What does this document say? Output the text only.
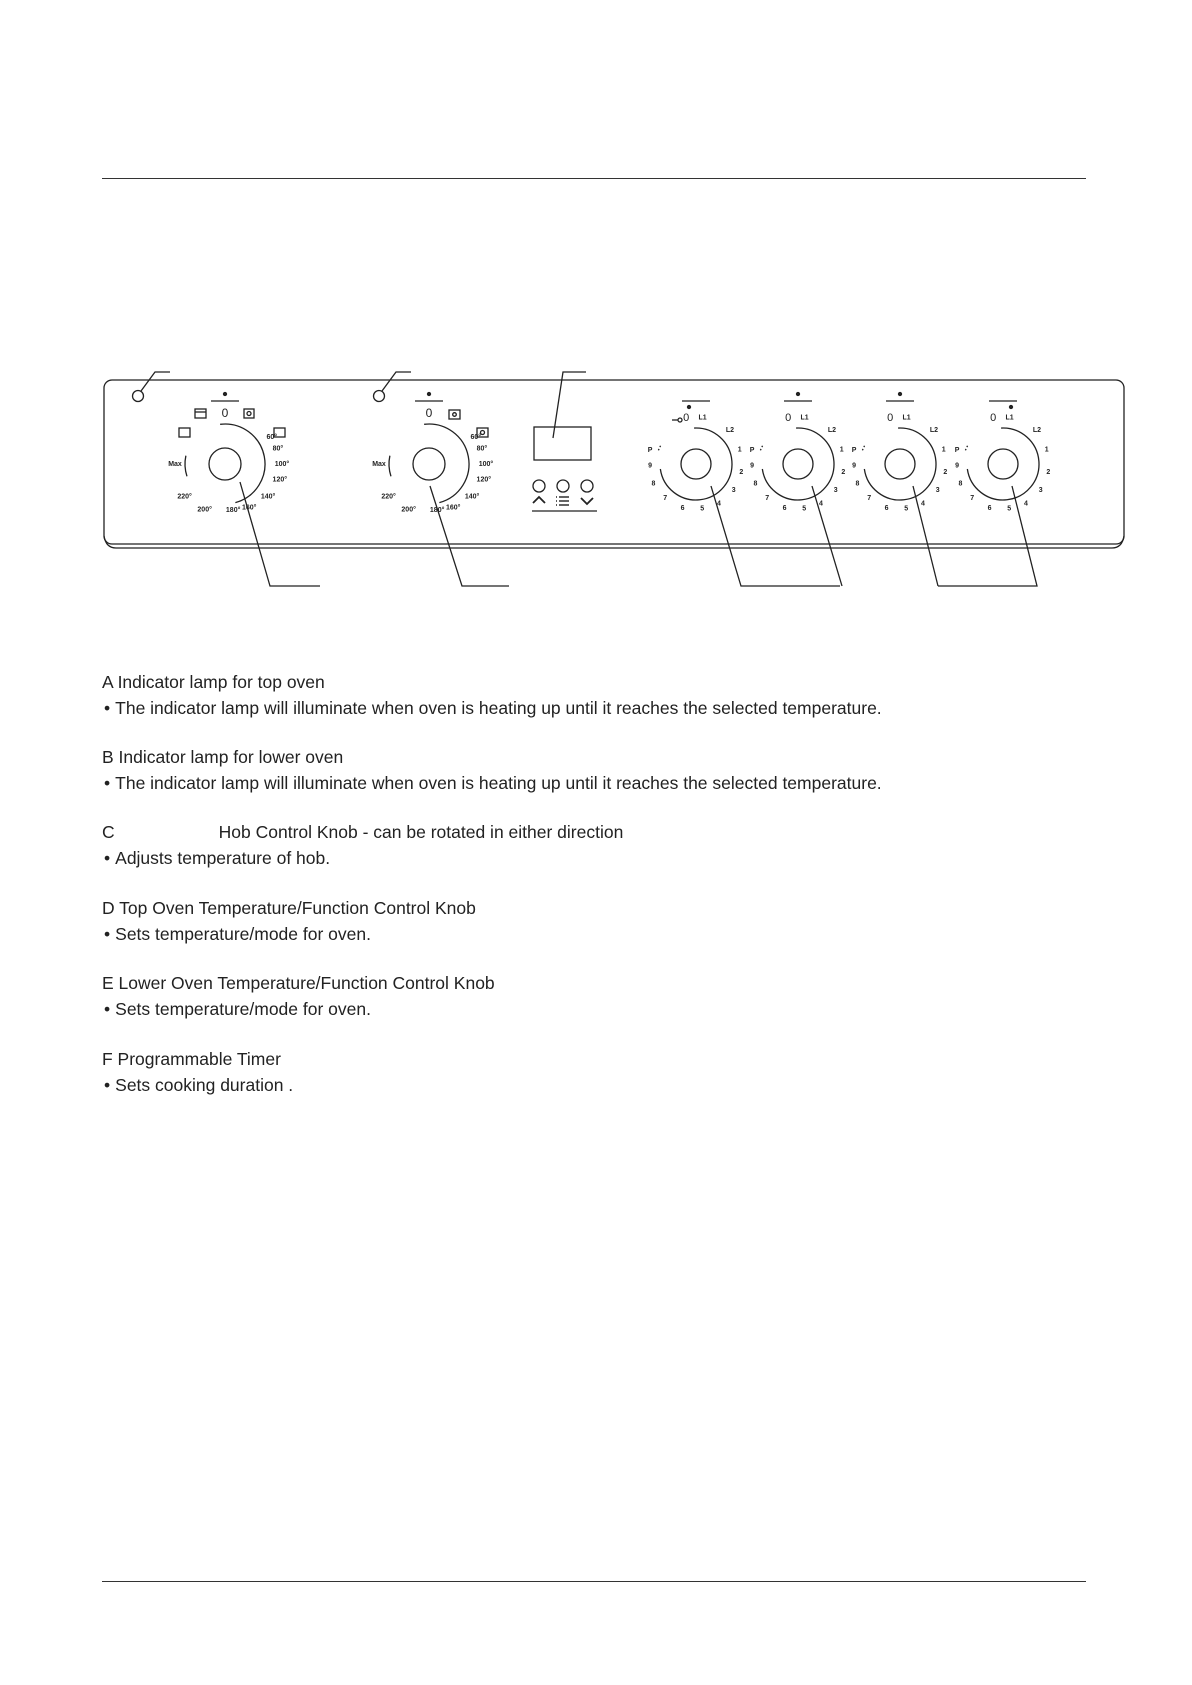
0
60°
80°
100°
120°
140°
160°
180°
200°
220°
Max
0
60°
80°
100°
120°
140°
160°
180°
200°
220°
Max
0 L1
L2
1
2
3
4
5
6
7
8
9
P
0 L1
L2
1
2
3
4
5
6
7
8
9
P
0 L1
L2
1
2
3
4
5
6
7
8
9
P
0 L1
L2
1
2
3
4
5
6
7
8
9
P
A Indicator lamp for top oven
• The indicator lamp will illuminate when oven is heating up until it reaches the selected temperature.
B Indicator lamp for lower oven
• The indicator lamp will illuminate when oven is heating up until it reaches the selected temperature.
C	Hob Control Knob - can be rotated in either direction
• Adjusts temperature of hob.
D Top Oven Temperature/Function Control Knob
• Sets temperature/mode for oven.
E Lower Oven Temperature/Function Control Knob
• Sets temperature/mode for oven.
F Programmable Timer
• Sets cooking duration .
